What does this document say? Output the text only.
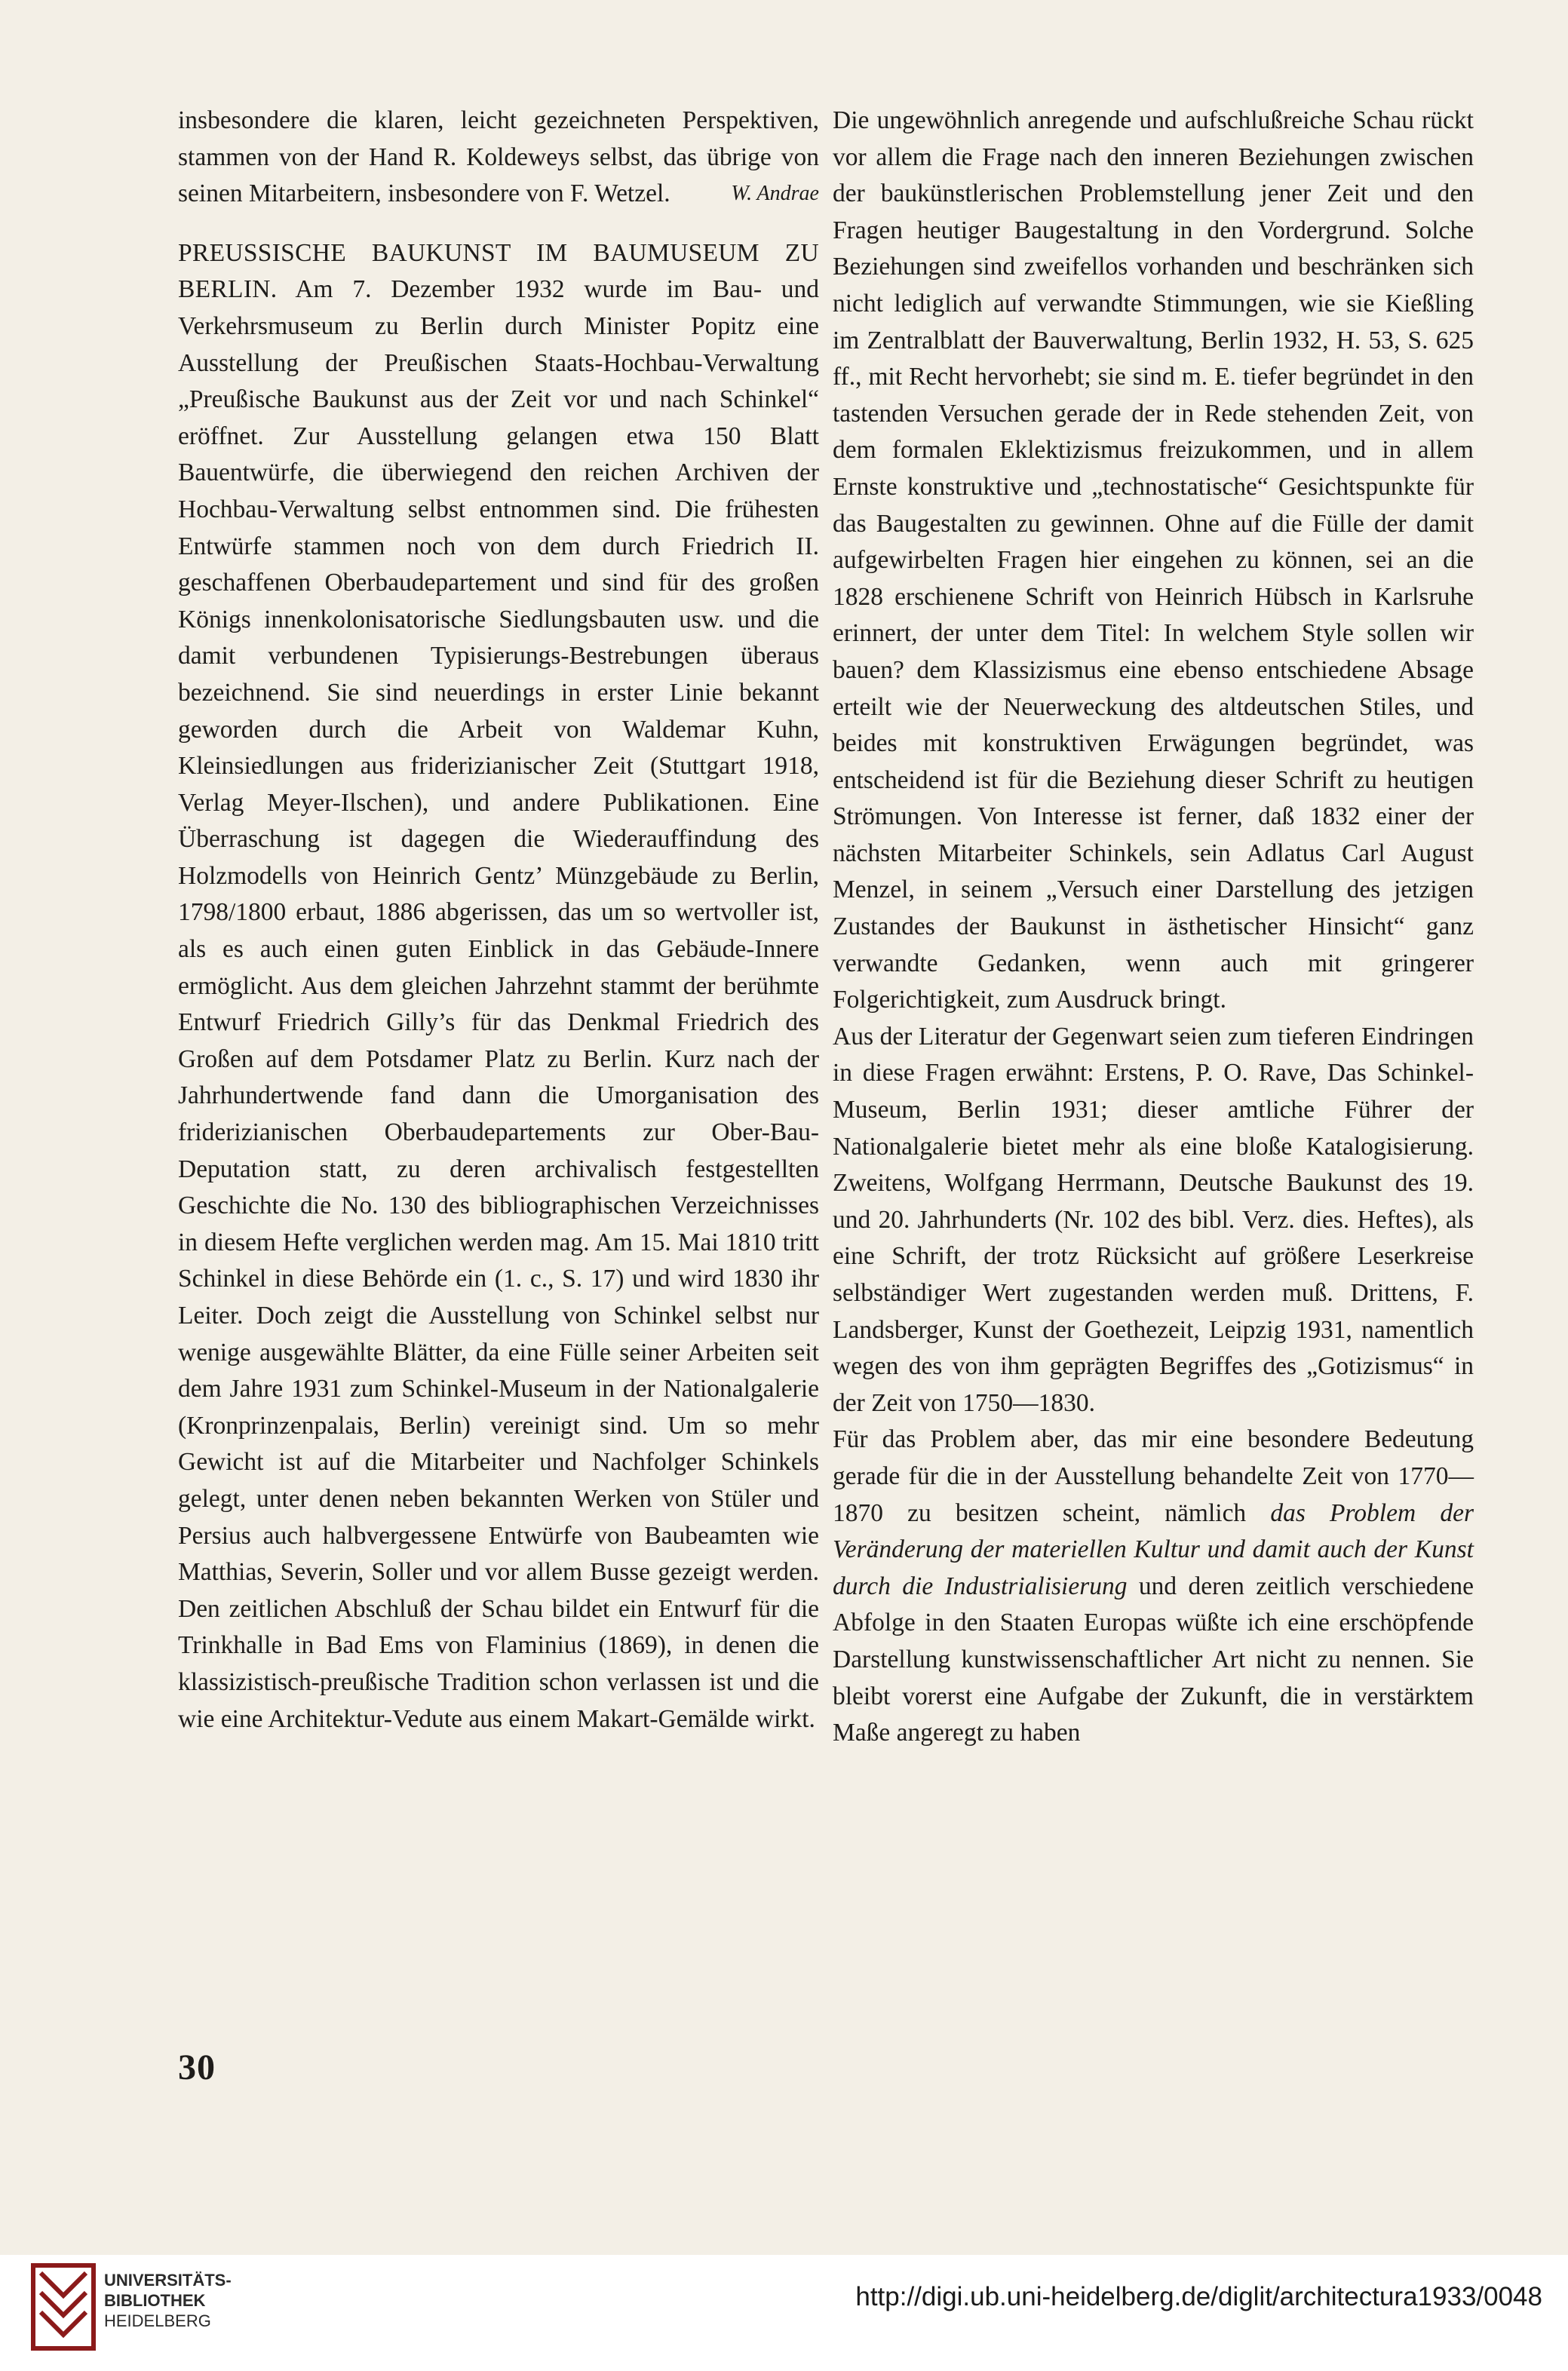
insbesondere die klaren, leicht gezeichneten Perspektiven, stammen von der Hand R. Koldeweys selbst, das übrige von seinen Mitarbeitern, insbesondere von F. Wetzel.	W. Andrae

PREUSSISCHE BAUKUNST IM BAUMUSEUM ZU BERLIN. Am 7. Dezember 1932 wurde im Bau- und Verkehrsmuseum zu Berlin durch Minister Popitz eine Ausstellung der Preußischen Staats-Hochbau-Verwaltung „Preußische Baukunst aus der Zeit vor und nach Schinkel“ eröffnet. Zur Ausstellung gelangen etwa 150 Blatt Bauentwürfe, die überwiegend den reichen Archiven der Hochbau-Verwaltung selbst entnommen sind. Die frühesten Entwürfe stammen noch von dem durch Friedrich II. geschaffenen Oberbaudepartement und sind für des großen Königs innenkolonisatorische Siedlungsbauten usw. und die damit verbundenen Typisierungs-Bestrebungen überaus bezeichnend. Sie sind neuerdings in erster Linie bekannt geworden durch die Arbeit von Waldemar Kuhn, Kleinsiedlungen aus friderizianischer Zeit (Stuttgart 1918, Verlag Meyer-Ilschen), und andere Publikationen. Eine Überraschung ist dagegen die Wiederauffindung des Holzmodells von Heinrich Gentz’ Münzgebäude zu Berlin, 1798/1800 erbaut, 1886 abgerissen, das um so wertvoller ist, als es auch einen guten Einblick in das Gebäude-Innere ermöglicht. Aus dem gleichen Jahrzehnt stammt der berühmte Entwurf Friedrich Gilly’s für das Denkmal Friedrich des Großen auf dem Potsdamer Platz zu Berlin. Kurz nach der Jahrhundertwende fand dann die Umorganisation des friderizianischen Oberbaudepartements zur Ober-Bau-Deputation statt, zu deren archivalisch festgestellten Geschichte die No. 130 des bibliographischen Verzeichnisses in diesem Hefte verglichen werden mag. Am 15. Mai 1810 tritt Schinkel in diese Behörde ein (1. c., S. 17) und wird 1830 ihr Leiter. Doch zeigt die Ausstellung von Schinkel selbst nur wenige ausgewählte Blätter, da eine Fülle seiner Arbeiten seit dem Jahre 1931 zum Schinkel-Museum in der Nationalgalerie (Kronprinzenpalais, Berlin) vereinigt sind. Um so mehr Gewicht ist auf die Mitarbeiter und Nachfolger Schinkels gelegt, unter denen neben bekannten Werken von Stüler und Persius auch halbvergessene Entwürfe von Baubeamten wie Matthias, Severin, Soller und vor allem Busse gezeigt werden. Den zeitlichen Abschluß der Schau bildet ein Entwurf für die Trinkhalle in Bad Ems von Flaminius (1869), in denen die klassizistisch-preußische Tradition schon verlassen ist und die wie eine Architektur-Vedute aus einem Makart-Gemälde wirkt.

Die ungewöhnlich anregende und aufschlußreiche Schau rückt vor allem die Frage nach den inneren Beziehungen zwischen der baukünstlerischen Problemstellung jener Zeit und den Fragen heutiger Baugestaltung in den Vordergrund. Solche Beziehungen sind zweifellos vorhanden und beschränken sich nicht lediglich auf verwandte Stimmungen, wie sie Kießling im Zentralblatt der Bauverwaltung, Berlin 1932, H. 53, S. 625 ff., mit Recht hervorhebt; sie sind m. E. tiefer begründet in den tastenden Versuchen gerade der in Rede stehenden Zeit, von dem formalen Eklektizismus freizukommen, und in allem Ernste konstruktive und „technostatische“ Gesichtspunkte für das Baugestalten zu gewinnen. Ohne auf die Fülle der damit aufgewirbelten Fragen hier eingehen zu können, sei an die 1828 erschienene Schrift von Heinrich Hübsch in Karlsruhe erinnert, der unter dem Titel: In welchem Style sollen wir bauen? dem Klassizismus eine ebenso entschiedene Absage erteilt wie der Neuerweckung des altdeutschen Stiles, und beides mit konstruktiven Erwägungen begründet, was entscheidend ist für die Beziehung dieser Schrift zu heutigen Strömungen. Von Interesse ist ferner, daß 1832 einer der nächsten Mitarbeiter Schinkels, sein Adlatus Carl August Menzel, in seinem „Versuch einer Darstellung des jetzigen Zustandes der Baukunst in ästhetischer Hinsicht“ ganz verwandte Gedanken, wenn auch mit gringerer Folgerichtigkeit, zum Ausdruck bringt.

Aus der Literatur der Gegenwart seien zum tieferen Eindringen in diese Fragen erwähnt: Erstens, P. O. Rave, Das Schinkel-Museum, Berlin 1931; dieser amtliche Führer der Nationalgalerie bietet mehr als eine bloße Katalogisierung. Zweitens, Wolfgang Herrmann, Deutsche Baukunst des 19. und 20. Jahrhunderts (Nr. 102 des bibl. Verz. dies. Heftes), als eine Schrift, der trotz Rücksicht auf größere Leserkreise selbständiger Wert zugestanden werden muß. Drittens, F. Landsberger, Kunst der Goethezeit, Leipzig 1931, namentlich wegen des von ihm geprägten Begriffes des „Gotizismus“ in der Zeit von 1750—1830.

Für das Problem aber, das mir eine besondere Bedeutung gerade für die in der Ausstellung behandelte Zeit von 1770—1870 zu besitzen scheint, nämlich das Problem der Veränderung der materiellen Kultur und damit auch der Kunst durch die Industrialisierung und deren zeitlich verschiedene Abfolge in den Staaten Europas wüßte ich eine erschöpfende Darstellung kunstwissenschaftlicher Art nicht zu nennen. Sie bleibt vorerst eine Aufgabe der Zukunft, die in verstärktem Maße angeregt zu haben

30
UNIVERSITÄTS-
BIBLIOTHEK
HEIDELBERG
http://digi.ub.uni-heidelberg.de/diglit/architectura1933/0048
